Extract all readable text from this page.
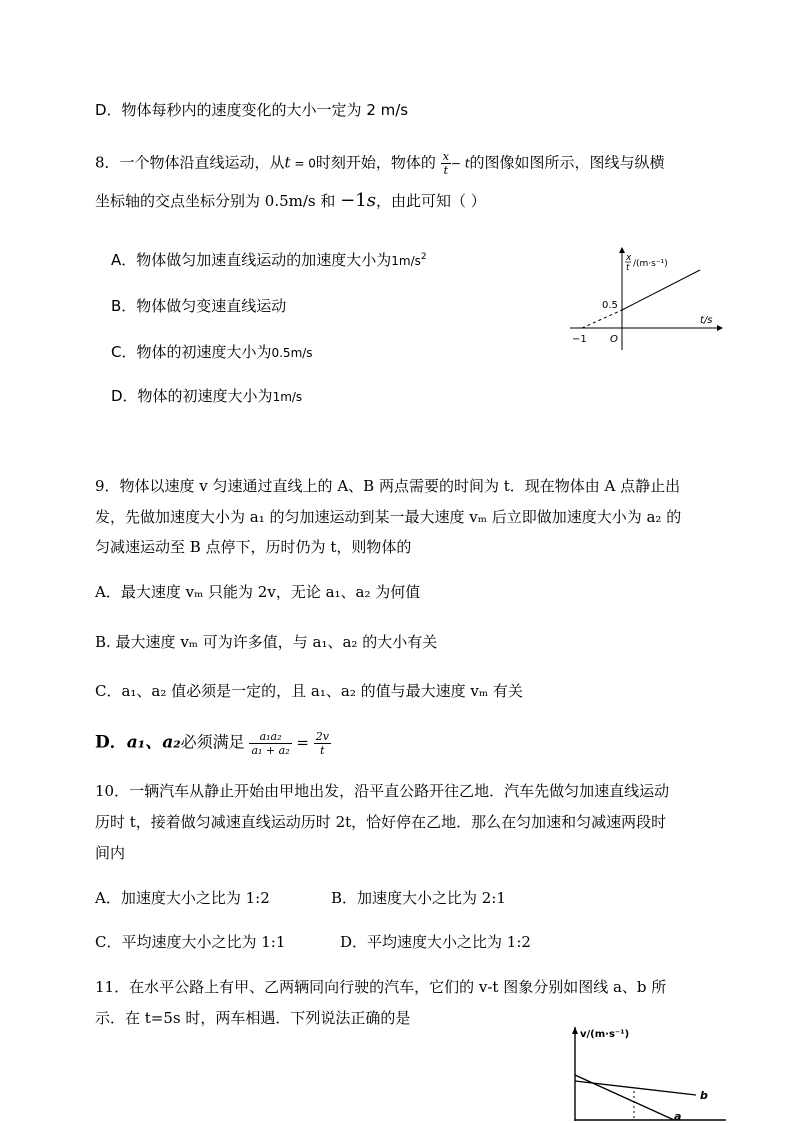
D．物体每秒内的速度变化的大小一定为 2 m/s
8．一个物体沿直线运动，从t = 0时刻开始，物体的 $\frac{x}{t} - t$的图像如图所示，图线与纵横
坐标轴的交点坐标分别为 0.5m/s 和 −1s，由此可知（ ）
A．物体做匀加速直线运动的加速度大小为$1m/s^2$
B．物体做匀变速直线运动
C．物体的初速度大小为0.5m/s
D．物体的初速度大小为1m/s
x
t /(m·s⁻¹)
t/s
0.5
−1 O
9．物体以速度 v 匀速通过直线上的 A、B 两点需要的时间为 t．现在物体由 A 点静止出
发，先做加速度大小为 a₁ 的匀加速运动到某一最大速度 vₘ 后立即做加速度大小为 a₂ 的
匀减速运动至 B 点停下，历时仍为 t，则物体的
A．最大速度 vₘ 只能为 2v，无论 a₁、a₂ 为何值
B. 最大速度 vₘ 可为许多值，与 a₁、a₂ 的大小有关
C．a₁、a₂ 值必须是一定的，且 a₁、a₂ 的值与最大速度 vₘ 有关
D．a₁、a₂必须满足 $\frac{\text{a₁a₂}}{\text{a₁ + a₂}} = \frac{2v}{t}$
10．一辆汽车从静止开始由甲地出发，沿平直公路开往乙地．汽车先做匀加速直线运动
历时 t，接着做匀减速直线运动历时 2t，恰好停在乙地．那么在匀加速和匀减速两段时
间内
A．加速度大小之比为 1:2	B．加速度大小之比为 2:1
C．平均速度大小之比为 1:1	D．平均速度大小之比为 1:2
11．在水平公路上有甲、乙两辆同向行驶的汽车，它们的 v-t 图象分别如图线 a、b 所
示．在 t=5s 时，两车相遇．下列说法正确的是
v/(m·s⁻¹)
b
a
